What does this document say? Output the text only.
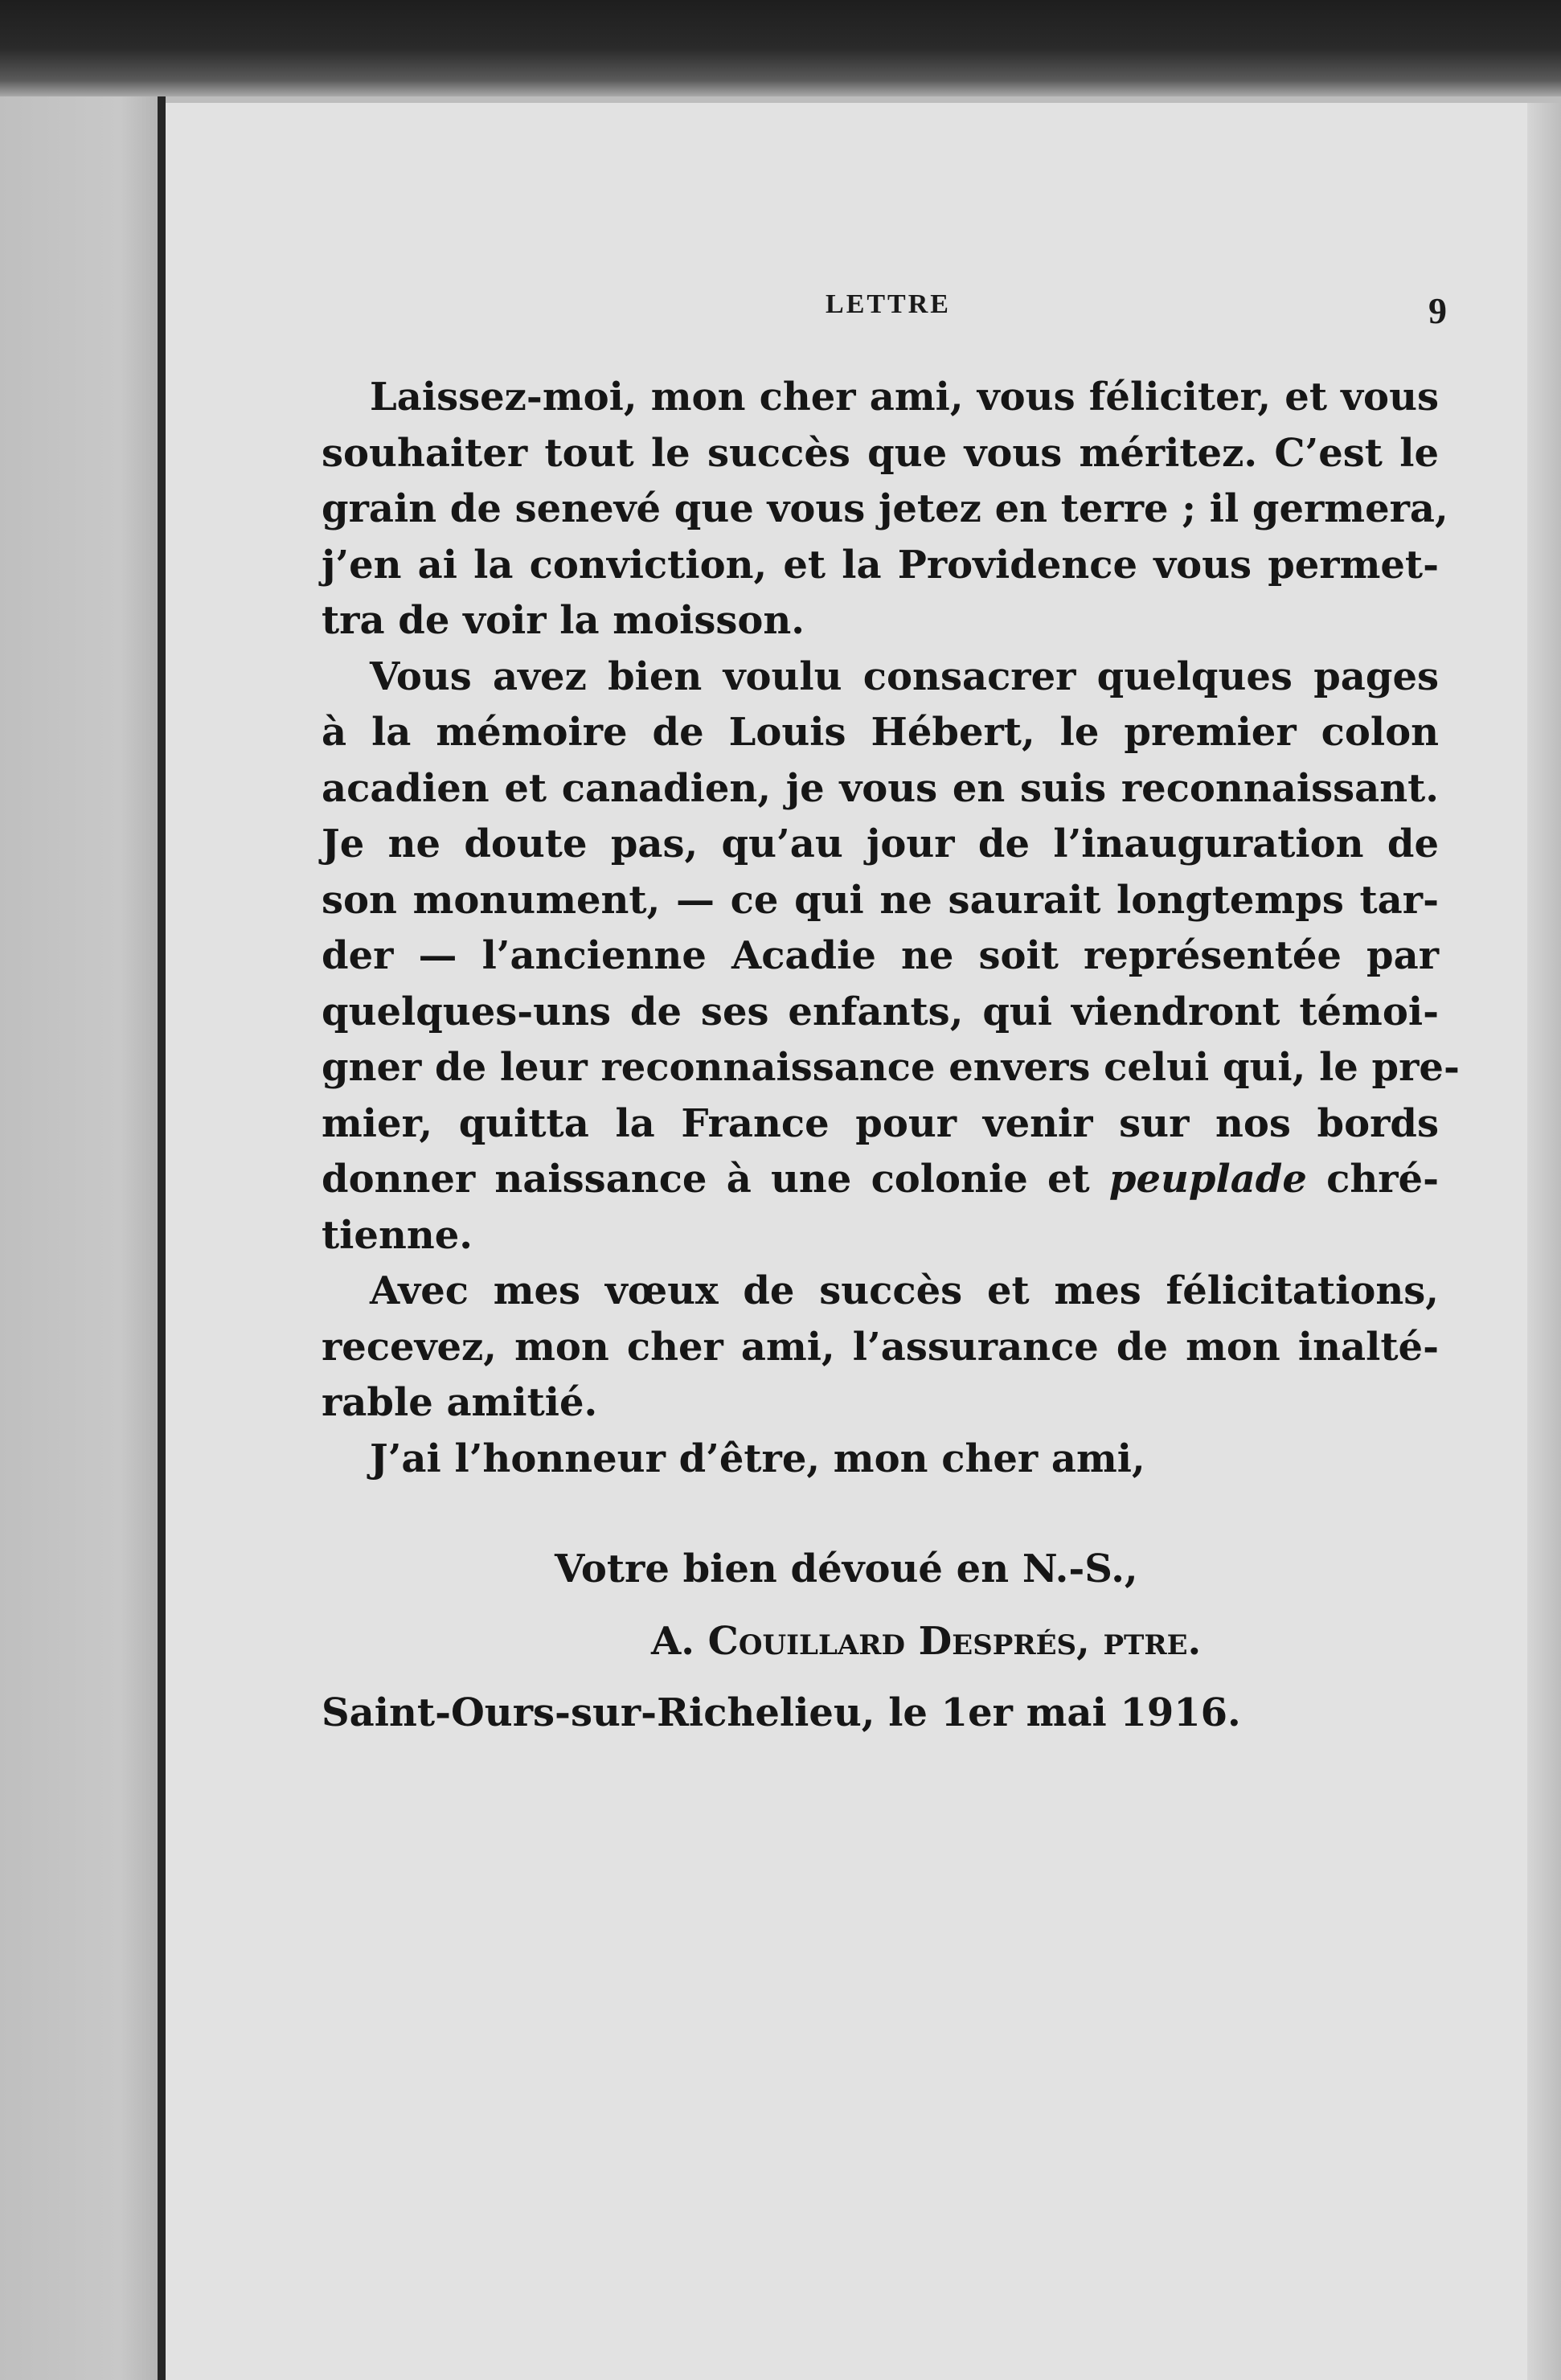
LETTRE	9
Laissez-moi, mon cher ami, vous féliciter, et vous
souhaiter tout le succès que vous méritez. C’est le
grain de senevé que vous jetez en terre ; il germera,
j’en ai la conviction, et la Providence vous permet-
tra de voir la moisson.
Vous avez bien voulu consacrer quelques pages
à la mémoire de Louis Hébert, le premier colon
acadien et canadien, je vous en suis reconnaissant.
Je ne doute pas, qu’au jour de l’inauguration de
son monument, — ce qui ne saurait longtemps tar-
der — l’ancienne Acadie ne soit représentée par
quelques-uns de ses enfants, qui viendront témoi-
gner de leur reconnaissance envers celui qui, le pre-
mier, quitta la France pour venir sur nos bords
donner naissance à une colonie et peuplade chré-
tienne.
Avec mes vœux de succès et mes félicitations,
recevez, mon cher ami, l’assurance de mon inalté-
rable amitié.
J’ai l’honneur d’être, mon cher ami,
Votre bien dévoué en N.-S.,
A. Couillard Després, ptre.
Saint-Ours-sur-Richelieu, le 1er mai 1916.
